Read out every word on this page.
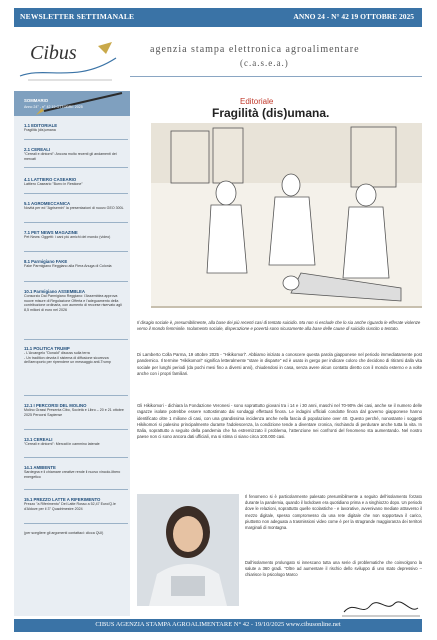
NEWSLETTER SETTIMANALE	ANNO 24 - N° 42 19 OTTOBRE 2025
Cibus	agenzia stampa elettronica agroalimentare
(c.a.s.e.a.)
SOMMARIO
Anno 24° - n° 42 19 OTTOBRE 2025
1.1 EDITORIALE
Fragilità (dis)umana
2.1 CEREALI
"Cereali e dintorni": Ancora molto recenti gli andamenti dei mercati
4.1 LATTIERO CASEARIO
Lattiero Caseario "Burro in Restione"
5.1 AGROMECCANICA
Novità per ed "Agrisemin" la presentazioni di nuovo GEO 300L
7.1 PET NEWS MAGAZINE
Pet News: Oggetti: i cani più amichi del mondo (video)
8.1 Parmigiano FAKE
Fake Parmigiano Reggiano alla Fiera Anuga di Colonia
10.1 Parmigiano ASSEMBLEA
Consorzio Dal Parmigiano Reggiano: l'Assemblea approva nuove misure di Regolazione Offerta e l'adeguamento della contribuzione ordinaria, con aumento di reccese riservato agli 8,5 milioni di euro nel 2026
11.1 POLITICA TRUMP
- L'Arcangelo "Donald" discuss sulla terra
- Un tradition devota il sistema di diffusione sicurezza dell'aeroporto per riprendere un messaggio anti-Trump
12.1 I PERCORSI DEL MOLINO
Molino Grassi Presenta Cibo, Società e Libro – 20 e 21 ottobre 2025 Percorsi Sapiense
13.1 CEREALI
"Cereali e dintorni": Mercati in cammino laterale
14.1 AMBIENTE
Sardegna e il chiamare creative rende il nuovo vincolo-libero energetico
15.1 PREZZO LATTE A RIFERIMENTO
Prezzo "a Riferimento" Del Latte Rosso a 52,47 Euro/Q.le d'Aldove per il 3° Quadrimestre 2024
(per scegliere gli argomenti contattaci: clicca QUI)
Editoriale
Fragilità (dis)umana.
Il disagio sociale è, presumibilmente, alla base dei più recenti casi di tentato suicidio. Ma non si esclude che lo sia anche riguardo le efferate violenze verso il mondo femminile. Isolamento sociale, disperazione e povertà sono sicuramente alla base delle cause di suicidio riuscito o tentato.
Di Lamberto Colla Parma, 19 ottobre 2025 - "Hikikomori". Abbiamo iniziato a conoscere questa parola giapponese nel periodo immediatamente post pandemico. Il termine "Hikikomori" significa letteralmente "stare in disparte" ed è usato in gergo per indicare coloro che decidono di ritirarsi dalla vita sociale per lunghi periodi (da pochi mesi fino a diversi anni), chiudendosi in casa, senza avere alcun contatto diretto con il mondo esterno e a volte anche con i propri familiari.
Gli Hikikomori - dichiara la Fondazione Veronesi - sono soprattutto giovani tra i 14 e i 30 anni, maschi nel 70-90% dei casi, anche se il numero delle ragazze isolate potrebbe essere sottostimato dai sondaggi effettuati finora. Le indagini ufficiali condotte finora dal governo giapponese hanno identificato oltre 1 milione di casi, con una grandissima incidenza anche nella fascia di popolazione over 40. Questo perché, nonostante i soggetti Hikikomori si palesino principalmente durante l'adolescenza, la condizione tende a diventare cronica, rischiando di perdurare anche tutta la vita. In Italia, soprattutto a seguito della pandemia che ha estremizzato il problema, l'attenzione nei confronti del fenomeno sta aumentando. Nel nostro paese non ci sono ancora dati ufficiali, ma si stima ci siano circa 100.000 casi.
Il fenomeno si è particolarmente palesato presumibilmente a seguito dell'isolamento forzato durante la pandemia, quando il lockdown era quotidiano prima e a singhiozzo dopo. Un periodo dove le relazioni, soprattutto quelle scolastiche - e lavorative, avvenivano mediate attraverso il mezzo digitale, spesso compromesso da una rete digitale che non sopportava il carico, piuttosto non adeguata a trasmissioni video come è per la stragrande maggioranza dei territori marginali di montagna.
Dall'isolamento prolungato si innescano tutta una serie di problematiche che coinvolgono la salute a 360 gradi. "Oltre ad aumentare il rischio dello sviluppo di uno stato depressivo – chiarisce lo psicologo Marco
CIBUS AGENZIA STAMPA AGROALIMENTARE N° 42 - 19/10/2025 www.cibusonline.net
